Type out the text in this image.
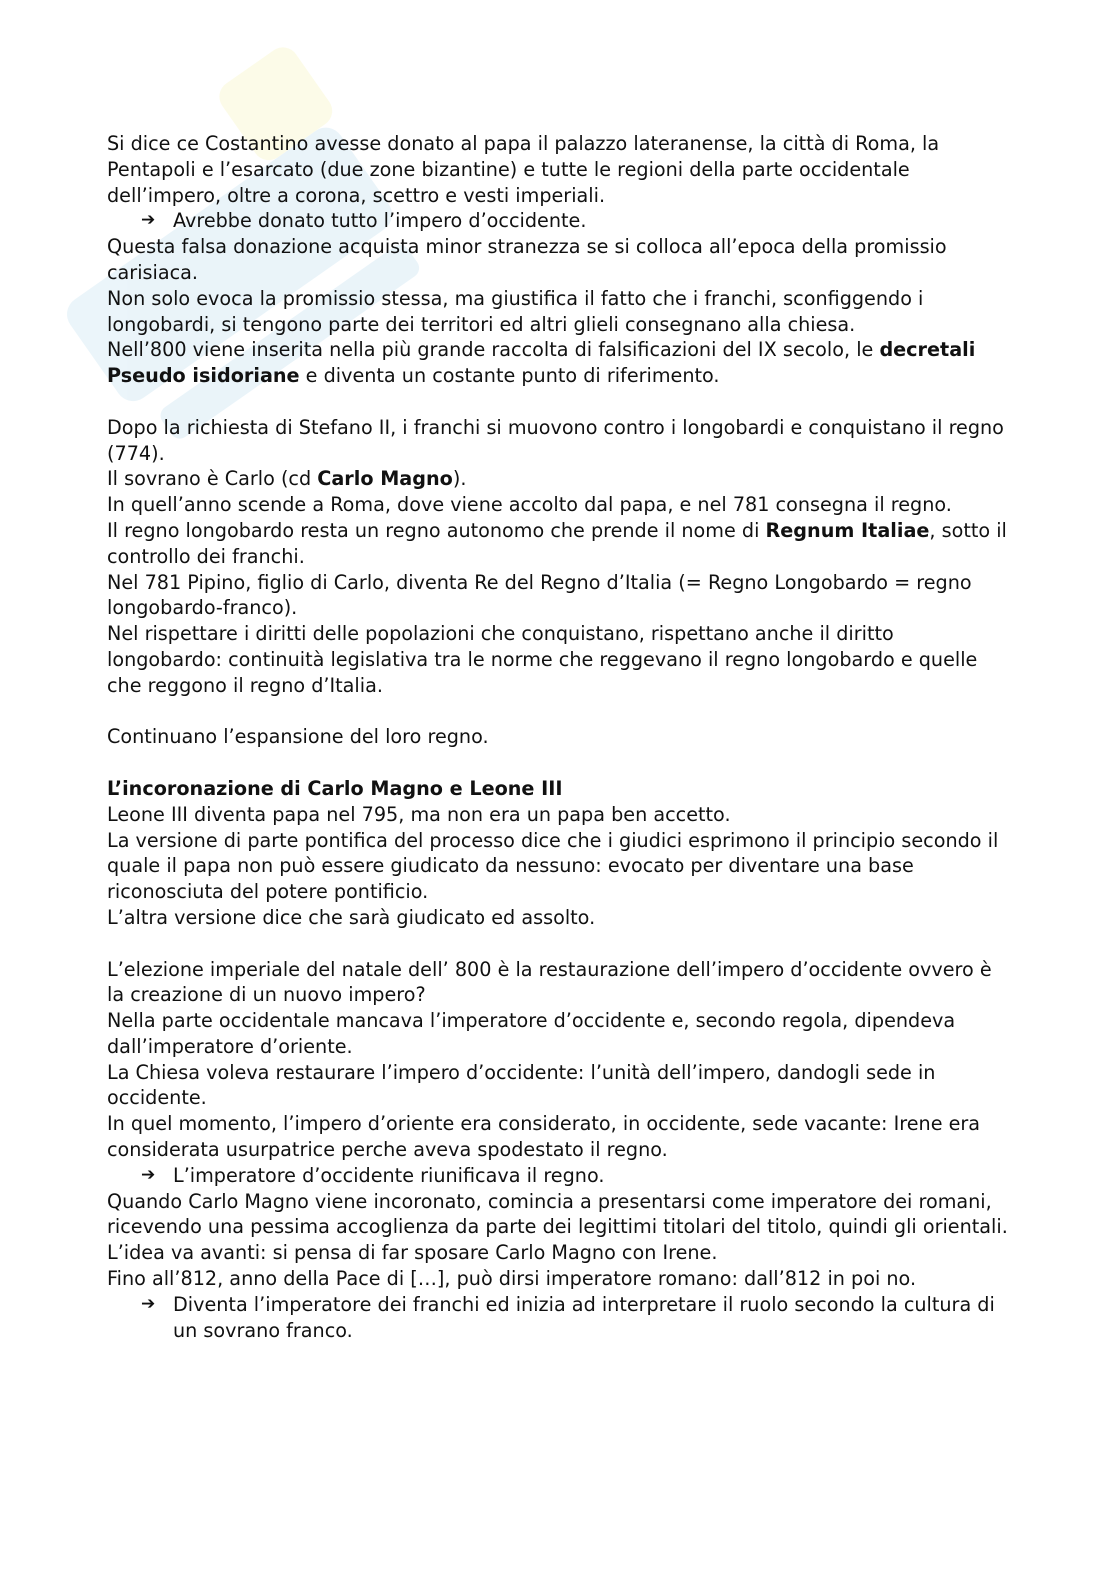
Si dice ce Costantino avesse donato al papa il palazzo lateranense, la città di Roma, la Pentapoli e l’esarcato (due zone bizantine) e tutte le regioni della parte occidentale dell’impero, oltre a corona, scettro e vesti imperiali.

➔ Avrebbe donato tutto l’impero d’occidente.

Questa falsa donazione acquista minor stranezza se si colloca all’epoca della promissio carisiaca.

Non solo evoca la promissio stessa, ma giustifica il fatto che i franchi, sconfiggendo i longobardi, si tengono parte dei territori ed altri glieli consegnano alla chiesa.

Nell’800 viene inserita nella più grande raccolta di falsificazioni del IX secolo, le decretali Pseudo isidoriane e diventa un costante punto di riferimento.

Dopo la richiesta di Stefano II, i franchi si muovono contro i longobardi e conquistano il regno (774).

Il sovrano è Carlo (cd Carlo Magno).

In quell’anno scende a Roma, dove viene accolto dal papa, e nel 781 consegna il regno.

Il regno longobardo resta un regno autonomo che prende il nome di Regnum Italiae, sotto il controllo dei franchi.

Nel 781 Pipino, figlio di Carlo, diventa Re del Regno d’Italia (= Regno Longobardo = regno longobardo-franco).

Nel rispettare i diritti delle popolazioni che conquistano, rispettano anche il diritto longobardo: continuità legislativa tra le norme che reggevano il regno longobardo e quelle che reggono il regno d’Italia.

Continuano l’espansione del loro regno.

L’incoronazione di Carlo Magno e Leone III

Leone III diventa papa nel 795, ma non era un papa ben accetto.

La versione di parte pontifica del processo dice che i giudici esprimono il principio secondo il quale il papa non può essere giudicato da nessuno: evocato per diventare una base riconosciuta del potere pontificio.

L’altra versione dice che sarà giudicato ed assolto.

L’elezione imperiale del natale dell’ 800 è la restaurazione dell’impero d’occidente ovvero è la creazione di un nuovo impero?

Nella parte occidentale mancava l’imperatore d’occidente e, secondo regola, dipendeva dall’imperatore d’oriente.

La Chiesa voleva restaurare l’impero d’occidente: l’unità dell’impero, dandogli sede in occidente.

In quel momento, l’impero d’oriente era considerato, in occidente, sede vacante: Irene era considerata usurpatrice perche aveva spodestato il regno.

➔ L’imperatore d’occidente riunificava il regno.

Quando Carlo Magno viene incoronato, comincia a presentarsi come imperatore dei romani, ricevendo una pessima accoglienza da parte dei legittimi titolari del titolo, quindi gli orientali.

L’idea va avanti: si pensa di far sposare Carlo Magno con Irene.

Fino all’812, anno della Pace di […], può dirsi imperatore romano: dall’812 in poi no.

➔ Diventa l’imperatore dei franchi ed inizia ad interpretare il ruolo secondo la cultura di un sovrano franco.
